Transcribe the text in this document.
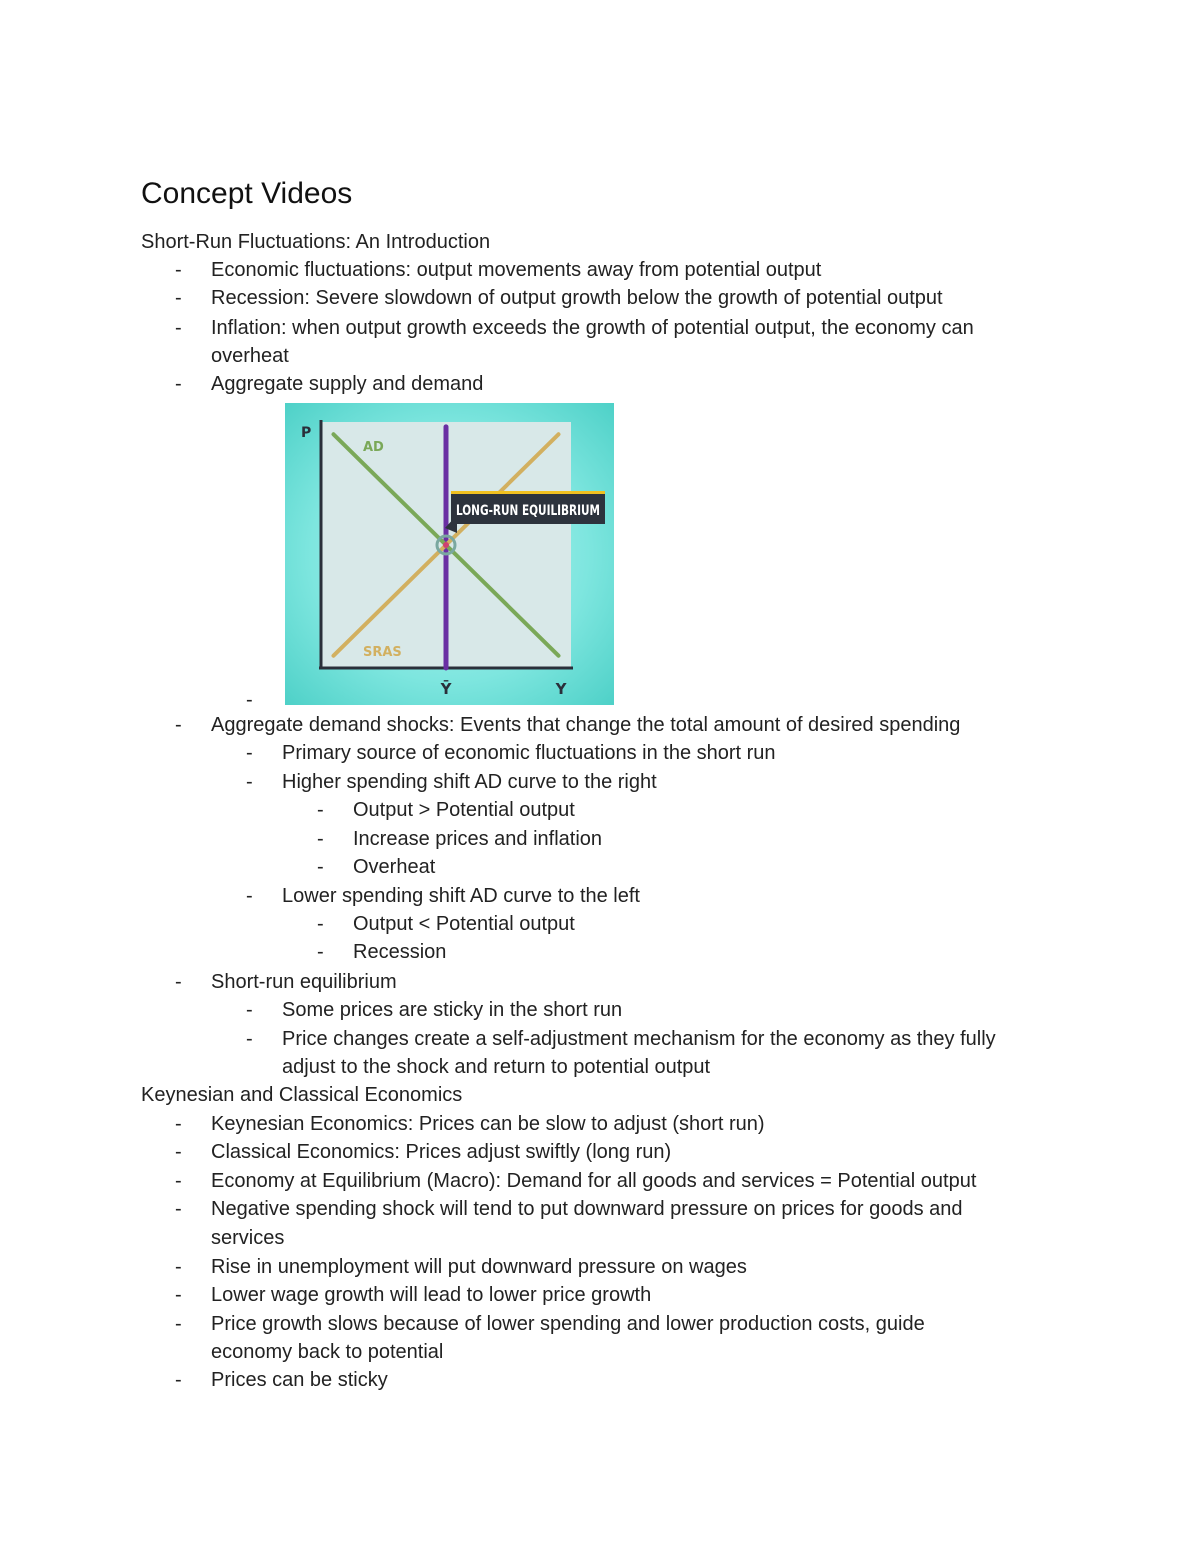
Concept Videos
Short-Run Fluctuations: An Introduction
- Economic fluctuations: output movements away from potential output
- Recession: Severe slowdown of output growth below the growth of potential output
- Inflation: when output growth exceeds the growth of potential output, the economy can
overheat
- Aggregate supply and demand
-
LONG-RUN EQUILIBRIUM
P
AD
SRAS
Ȳ	Y
- Aggregate demand shocks: Events that change the total amount of desired spending
- Primary source of economic fluctuations in the short run
- Higher spending shift AD curve to the right
- Output > Potential output
- Increase prices and inflation
- Overheat
- Lower spending shift AD curve to the left
- Output < Potential output
- Recession
- Short-run equilibrium
- Some prices are sticky in the short run
- Price changes create a self-adjustment mechanism for the economy as they fully
adjust to the shock and return to potential output
Keynesian and Classical Economics
- Keynesian Economics: Prices can be slow to adjust (short run)
- Classical Economics: Prices adjust swiftly (long run)
- Economy at Equilibrium (Macro): Demand for all goods and services = Potential output
- Negative spending shock will tend to put downward pressure on prices for goods and
services
- Rise in unemployment will put downward pressure on wages
- Lower wage growth will lead to lower price growth
- Price growth slows because of lower spending and lower production costs, guide
economy back to potential
- Prices can be sticky
